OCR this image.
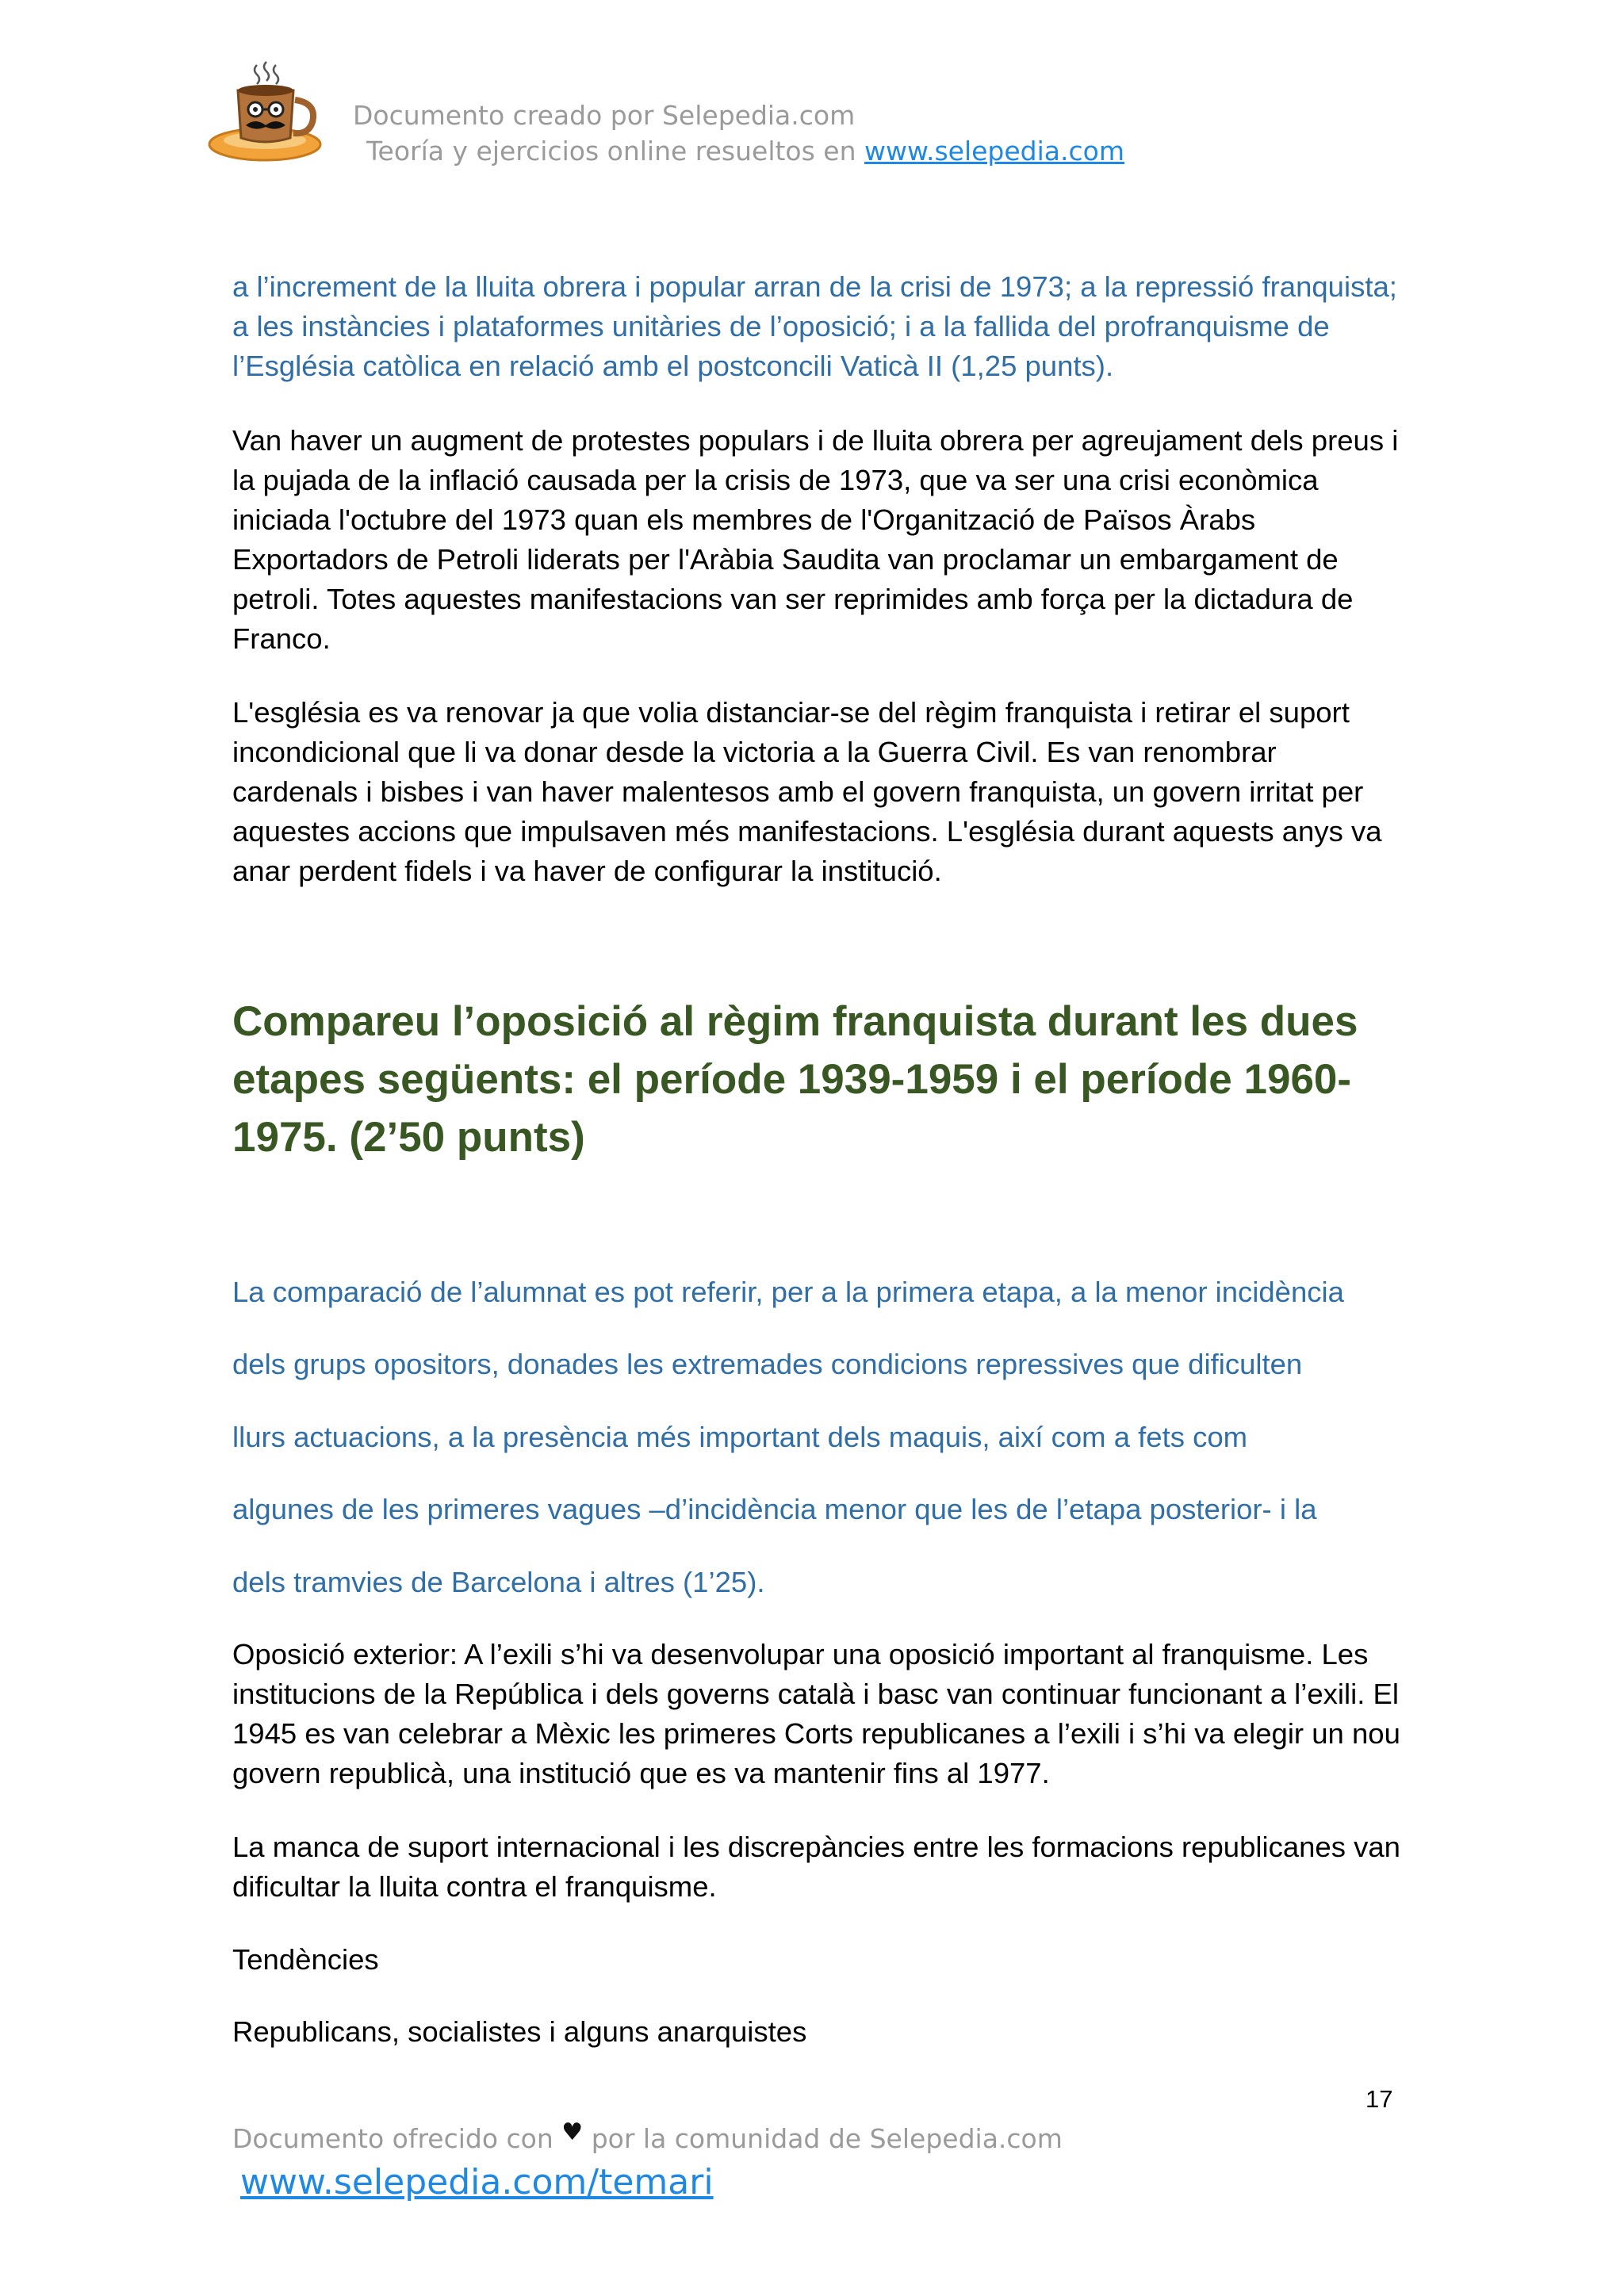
Documento creado por Selepedia.com
Teoría y ejercicios online resueltos en www.selepedia.com

a l’increment de la lluita obrera i popular arran de la crisi de 1973; a la repressió franquista; a les instàncies i plataformes unitàries de l’oposició; i a la fallida del profranquisme de l’Església catòlica en relació amb el postconcili Vaticà II (1,25 punts).

Van haver un augment de protestes populars i de lluita obrera per agreujament dels preus i la pujada de la inflació causada per la crisis de 1973, que va ser una crisi econòmica iniciada l'octubre del 1973 quan els membres de l'Organització de Països Àrabs Exportadors de Petroli liderats per l'Aràbia Saudita van proclamar un embargament de petroli. Totes aquestes manifestacions van ser reprimides amb força per la dictadura de Franco.

L'església es va renovar ja que volia distanciar-se del règim franquista i retirar el suport incondicional que li va donar desde la victoria a la Guerra Civil. Es van renombrar cardenals i bisbes i van haver malentesos amb el govern franquista, un govern irritat per aquestes accions que impulsaven més manifestacions. L'església durant aquests anys va anar perdent fidels i va haver de configurar la institució.

Compareu l’oposició al règim franquista durant les dues etapes següents: el període 1939-1959 i el període 1960-1975. (2’50 punts)

La comparació de l’alumnat es pot referir, per a la primera etapa, a la menor incidència

dels grups opositors, donades les extremades condicions repressives que dificulten

llurs actuacions, a la presència més important dels maquis, així com a fets com

algunes de les primeres vagues –d’incidència menor que les de l’etapa posterior- i la

dels tramvies de Barcelona i altres (1’25).

Oposició exterior: A l’exili s’hi va desenvolupar una oposició important al franquisme. Les institucions de la República i dels governs català i basc van continuar funcionant a l’exili. El 1945 es van celebrar a Mèxic les primeres Corts republicanes a l’exili i s’hi va elegir un nou govern republicà, una institució que es va mantenir fins al 1977.

La manca de suport internacional i les discrepàncies entre les formacions republicanes van dificultar la lluita contra el franquisme.

Tendències

Republicans, socialistes i alguns anarquistes

17
Documento ofrecido con ♥ por la comunidad de Selepedia.com
www.selepedia.com/temari
